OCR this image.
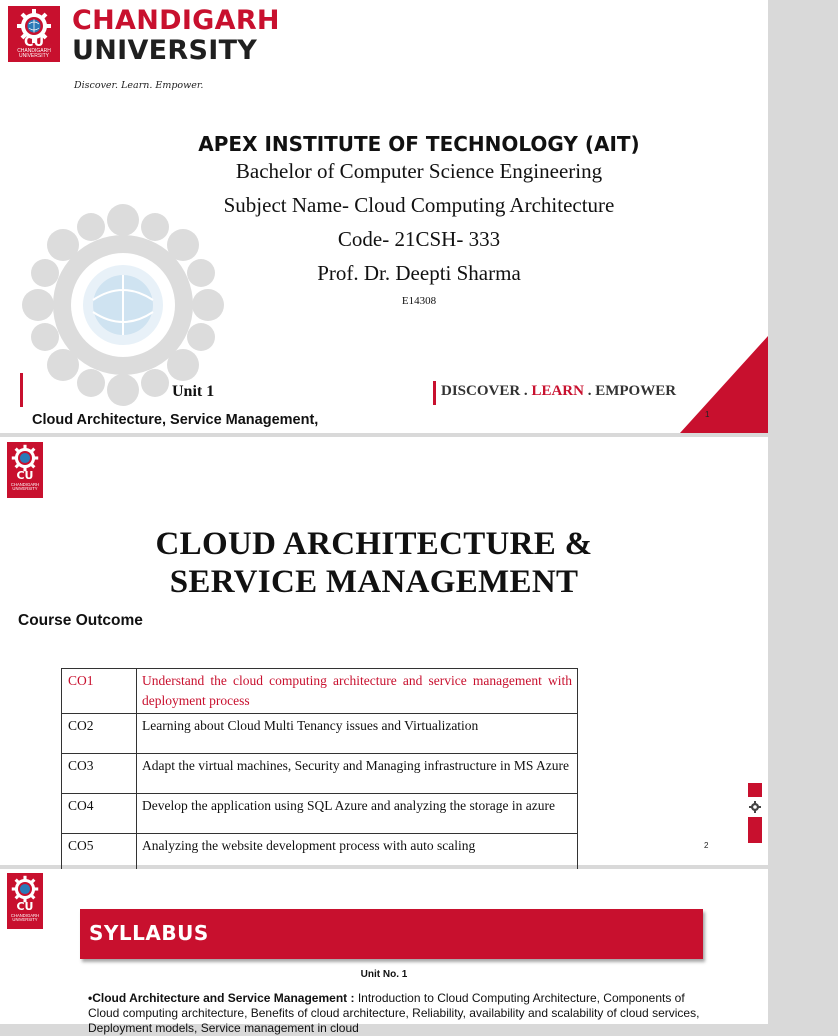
CU
CHANDIGARH UNIVERSITY
CHANDIGARH
UNIVERSITY
Discover. Learn. Empower.
APEX INSTITUTE OF TECHNOLOGY (AIT)
Bachelor of Computer Science Engineering
Subject Name- Cloud Computing Architecture
Code- 21CSH- 333
Prof. Dr. Deepti Sharma
E14308
Unit 1
Cloud Architecture, Service Management,
DISCOVER . LEARN . EMPOWER
1
CU
CHANDIGARH UNIVERSITY
CLOUD ARCHITECTURE &
SERVICE MANAGEMENT
Course Outcome
CO1	Understand the cloud computing architecture and service management with deployment process
CO2	Learning about Cloud Multi Tenancy issues and Virtualization
CO3	Adapt the virtual machines, Security and Managing infrastructure in MS Azure
CO4	Develop the application using SQL Azure and analyzing the storage in azure
CO5	Analyzing the website development process with auto scaling	2
CU
CHANDIGARH UNIVERSITY
SYLLABUS
Unit No. 1
•Cloud Architecture and Service Management : Introduction to Cloud Computing Architecture, Components of Cloud computing architecture, Benefits of cloud architecture, Reliability, availability and scalability of cloud services, Deployment models, Service management in cloud
